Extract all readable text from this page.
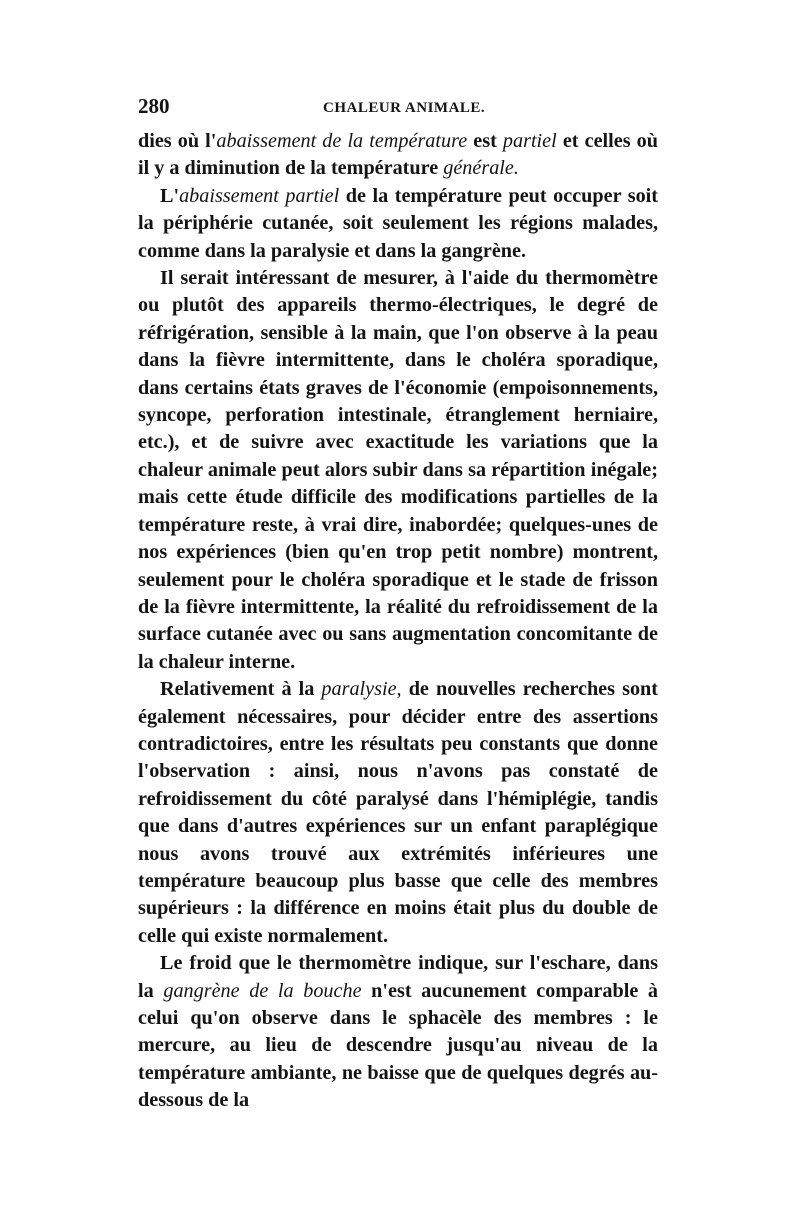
280	CHALEUR ANIMALE.

dies où l'abaissement de la température est partiel et celles où il y a diminution de la température générale.

L'abaissement partiel de la température peut occuper soit la périphérie cutanée, soit seulement les régions malades, comme dans la paralysie et dans la gangrène.

Il serait intéressant de mesurer, à l'aide du thermomètre ou plutôt des appareils thermo-électriques, le degré de réfrigération, sensible à la main, que l'on observe à la peau dans la fièvre intermittente, dans le choléra sporadique, dans certains états graves de l'économie (empoisonnements, syncope, perforation intestinale, étranglement herniaire, etc.), et de suivre avec exactitude les variations que la chaleur animale peut alors subir dans sa répartition inégale; mais cette étude difficile des modifications partielles de la température reste, à vrai dire, inabordée; quelques-unes de nos expériences (bien qu'en trop petit nombre) montrent, seulement pour le choléra sporadique et le stade de frisson de la fièvre intermittente, la réalité du refroidissement de la surface cutanée avec ou sans augmentation concomitante de la chaleur interne.

Relativement à la paralysie, de nouvelles recherches sont également nécessaires, pour décider entre des assertions contradictoires, entre les résultats peu constants que donne l'observation : ainsi, nous n'avons pas constaté de refroidissement du côté paralysé dans l'hémiplégie, tandis que dans d'autres expériences sur un enfant paraplégique nous avons trouvé aux extrémités inférieures une température beaucoup plus basse que celle des membres supérieurs : la différence en moins était plus du double de celle qui existe normalement.

Le froid que le thermomètre indique, sur l'eschare, dans la gangrène de la bouche n'est aucunement comparable à celui qu'on observe dans le sphacèle des membres : le mercure, au lieu de descendre jusqu'au niveau de la température ambiante, ne baisse que de quelques degrés au-dessous de la
